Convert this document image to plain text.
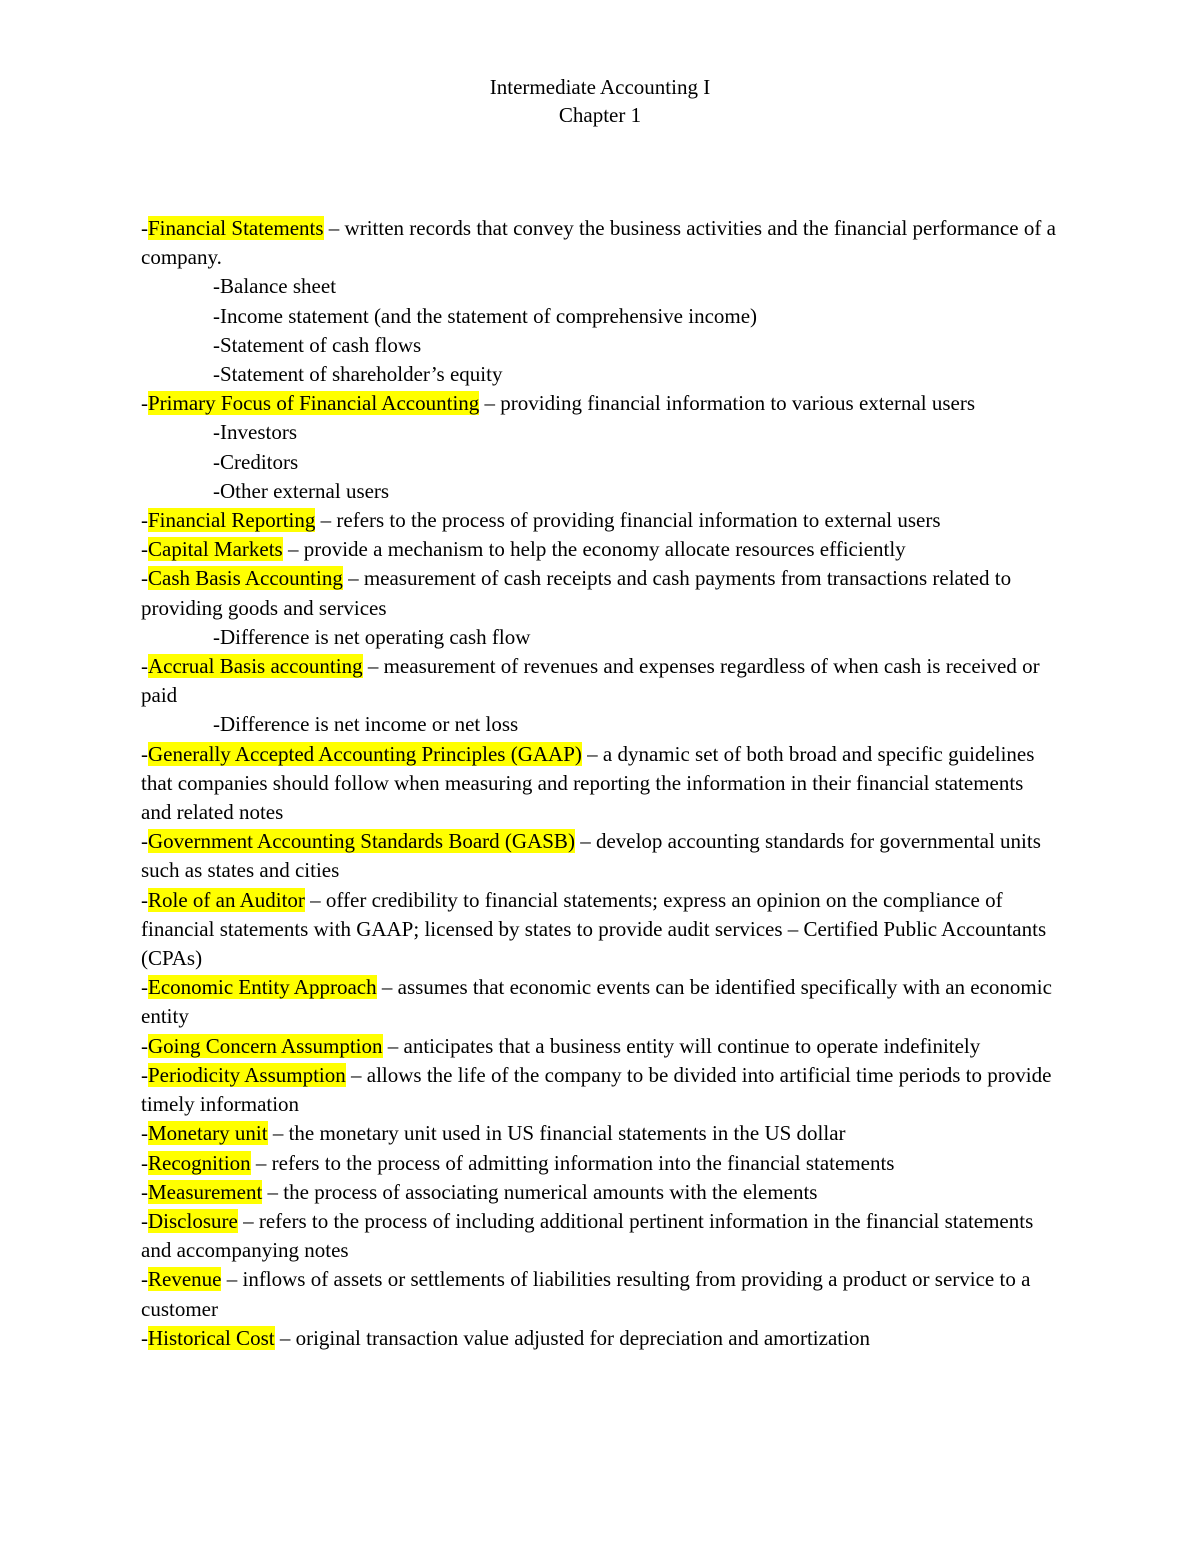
Intermediate Accounting I
Chapter 1

-Financial Statements – written records that convey the business activities and the financial performance of a company.

-Balance sheet

-Income statement (and the statement of comprehensive income)

-Statement of cash flows

-Statement of shareholder’s equity

-Primary Focus of Financial Accounting – providing financial information to various external users

-Investors

-Creditors

-Other external users

-Financial Reporting – refers to the process of providing financial information to external users

-Capital Markets – provide a mechanism to help the economy allocate resources efficiently

-Cash Basis Accounting – measurement of cash receipts and cash payments from transactions related to providing goods and services

-Difference is net operating cash flow

-Accrual Basis accounting – measurement of revenues and expenses regardless of when cash is received or paid

-Difference is net income or net loss

-Generally Accepted Accounting Principles (GAAP) – a dynamic set of both broad and specific guidelines that companies should follow when measuring and reporting the information in their financial statements and related notes

-Government Accounting Standards Board (GASB) – develop accounting standards for governmental units such as states and cities

-Role of an Auditor – offer credibility to financial statements; express an opinion on the compliance of financial statements with GAAP; licensed by states to provide audit services – Certified Public Accountants (CPAs)

-Economic Entity Approach – assumes that economic events can be identified specifically with an economic entity

-Going Concern Assumption – anticipates that a business entity will continue to operate indefinitely

-Periodicity Assumption – allows the life of the company to be divided into artificial time periods to provide timely information

-Monetary unit – the monetary unit used in US financial statements in the US dollar

-Recognition – refers to the process of admitting information into the financial statements

-Measurement – the process of associating numerical amounts with the elements

-Disclosure – refers to the process of including additional pertinent information in the financial statements and accompanying notes

-Revenue – inflows of assets or settlements of liabilities resulting from providing a product or service to a customer

-Historical Cost – original transaction value adjusted for depreciation and amortization
